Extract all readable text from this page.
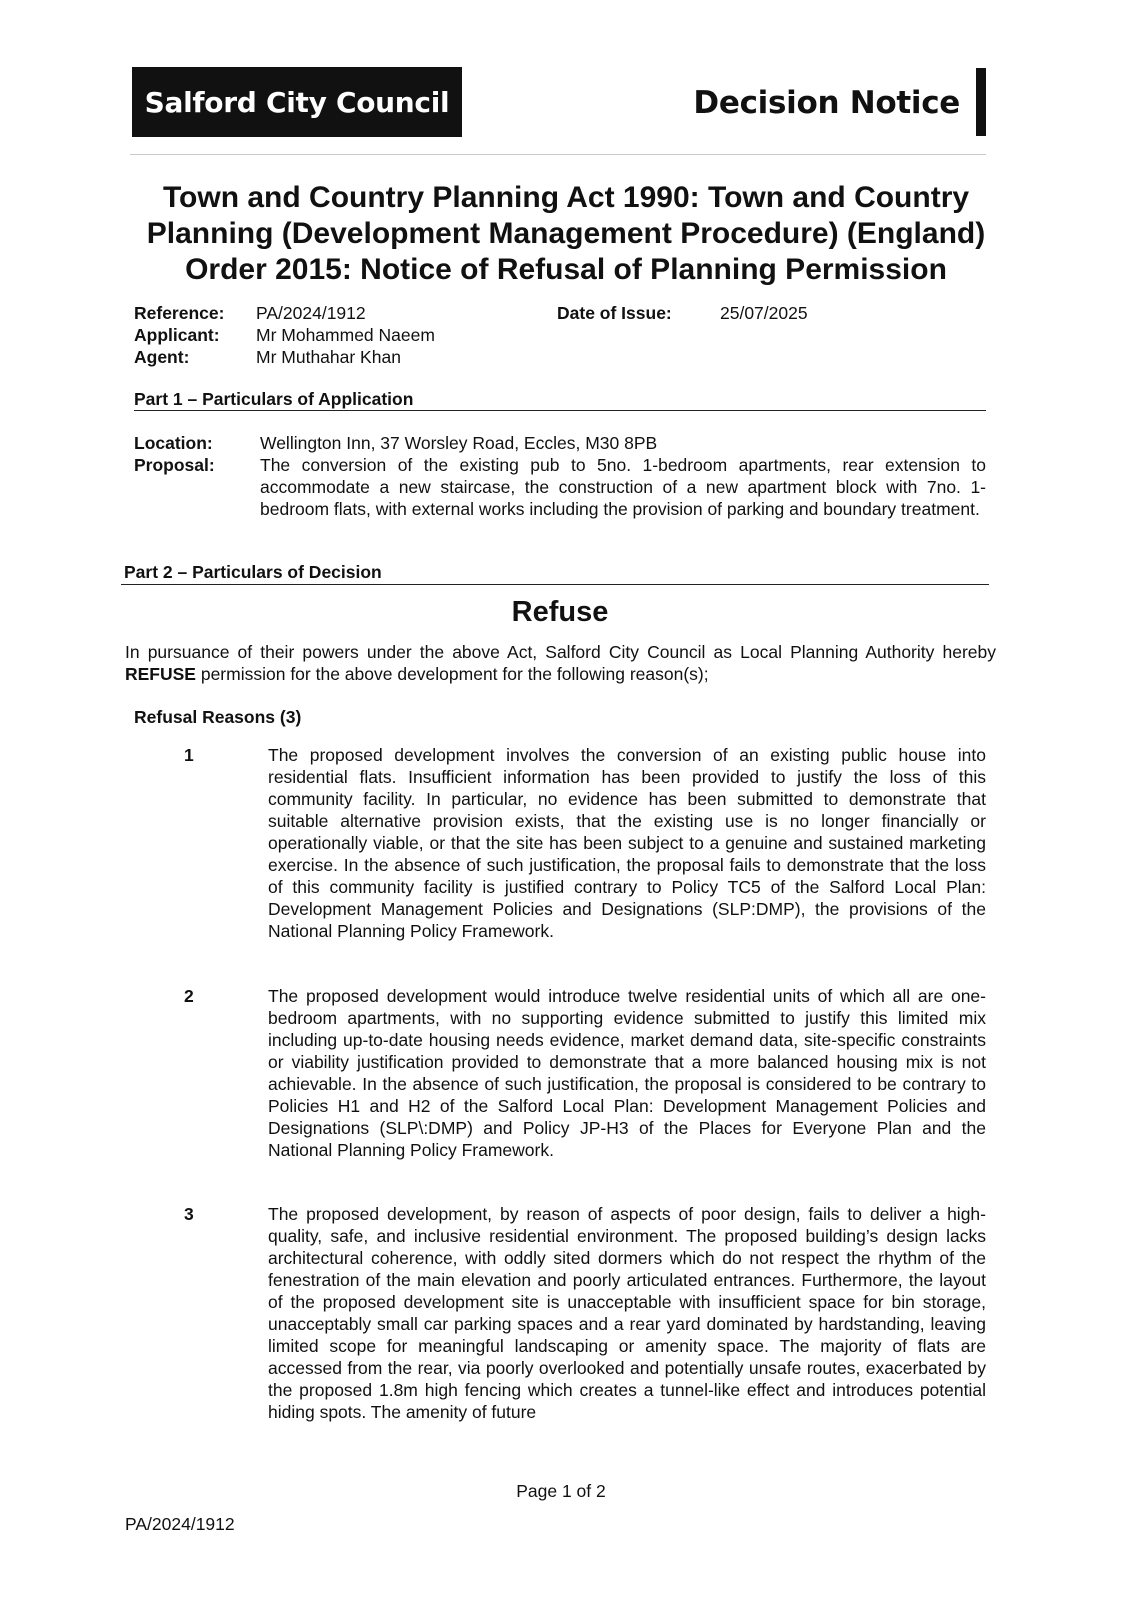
Salford City Council	Decision Notice
Town and Country Planning Act 1990: Town and Country Planning (Development Management Procedure) (England) Order 2015: Notice of Refusal of Planning Permission
Reference: PA/2024/1912
Applicant: Mr Mohammed Naeem
Agent:	Mr Muthahar Khan
Date of Issue:	25/07/2025
Part 1 – Particulars of Application
Location:	Wellington Inn, 37 Worsley Road, Eccles, M30 8PB
Proposal:	The conversion of the existing pub to 5no. 1-bedroom apartments, rear extension to accommodate a new staircase, the construction of a new apartment block with 7no. 1-bedroom flats, with external works including the provision of parking and boundary treatment.
Part 2 – Particulars of Decision
Refuse
In pursuance of their powers under the above Act, Salford City Council as Local Planning Authority hereby REFUSE permission for the above development for the following reason(s);
Refusal Reasons (3)
1	The proposed development involves the conversion of an existing public house into residential flats. Insufficient information has been provided to justify the loss of this community facility. In particular, no evidence has been submitted to demonstrate that suitable alternative provision exists, that the existing use is no longer financially or operationally viable, or that the site has been subject to a genuine and sustained marketing exercise. In the absence of such justification, the proposal fails to demonstrate that the loss of this community facility is justified contrary to Policy TC5 of the Salford Local Plan: Development Management Policies and Designations (SLP:DMP), the provisions of the National Planning Policy Framework.
2	The proposed development would introduce twelve residential units of which all are one-bedroom apartments, with no supporting evidence submitted to justify this limited mix including up-to-date housing needs evidence, market demand data, site-specific constraints or viability justification provided to demonstrate that a more balanced housing mix is not achievable. In the absence of such justification, the proposal is considered to be contrary to Policies H1 and H2 of the Salford Local Plan: Development Management Policies and Designations (SLP\:DMP) and Policy JP-H3 of the Places for Everyone Plan and the National Planning Policy Framework.
3	The proposed development, by reason of aspects of poor design, fails to deliver a high-quality, safe, and inclusive residential environment. The proposed building’s design lacks architectural coherence, with oddly sited dormers which do not respect the rhythm of the fenestration of the main elevation and poorly articulated entrances. Furthermore, the layout of the proposed development site is unacceptable with insufficient space for bin storage, unacceptably small car parking spaces and a rear yard dominated by hardstanding, leaving limited scope for meaningful landscaping or amenity space. The majority of flats are accessed from the rear, via poorly overlooked and potentially unsafe routes, exacerbated by the proposed 1.8m high fencing which creates a tunnel-like effect and introduces potential hiding spots. The amenity of future
Page 1 of 2
PA/2024/1912
